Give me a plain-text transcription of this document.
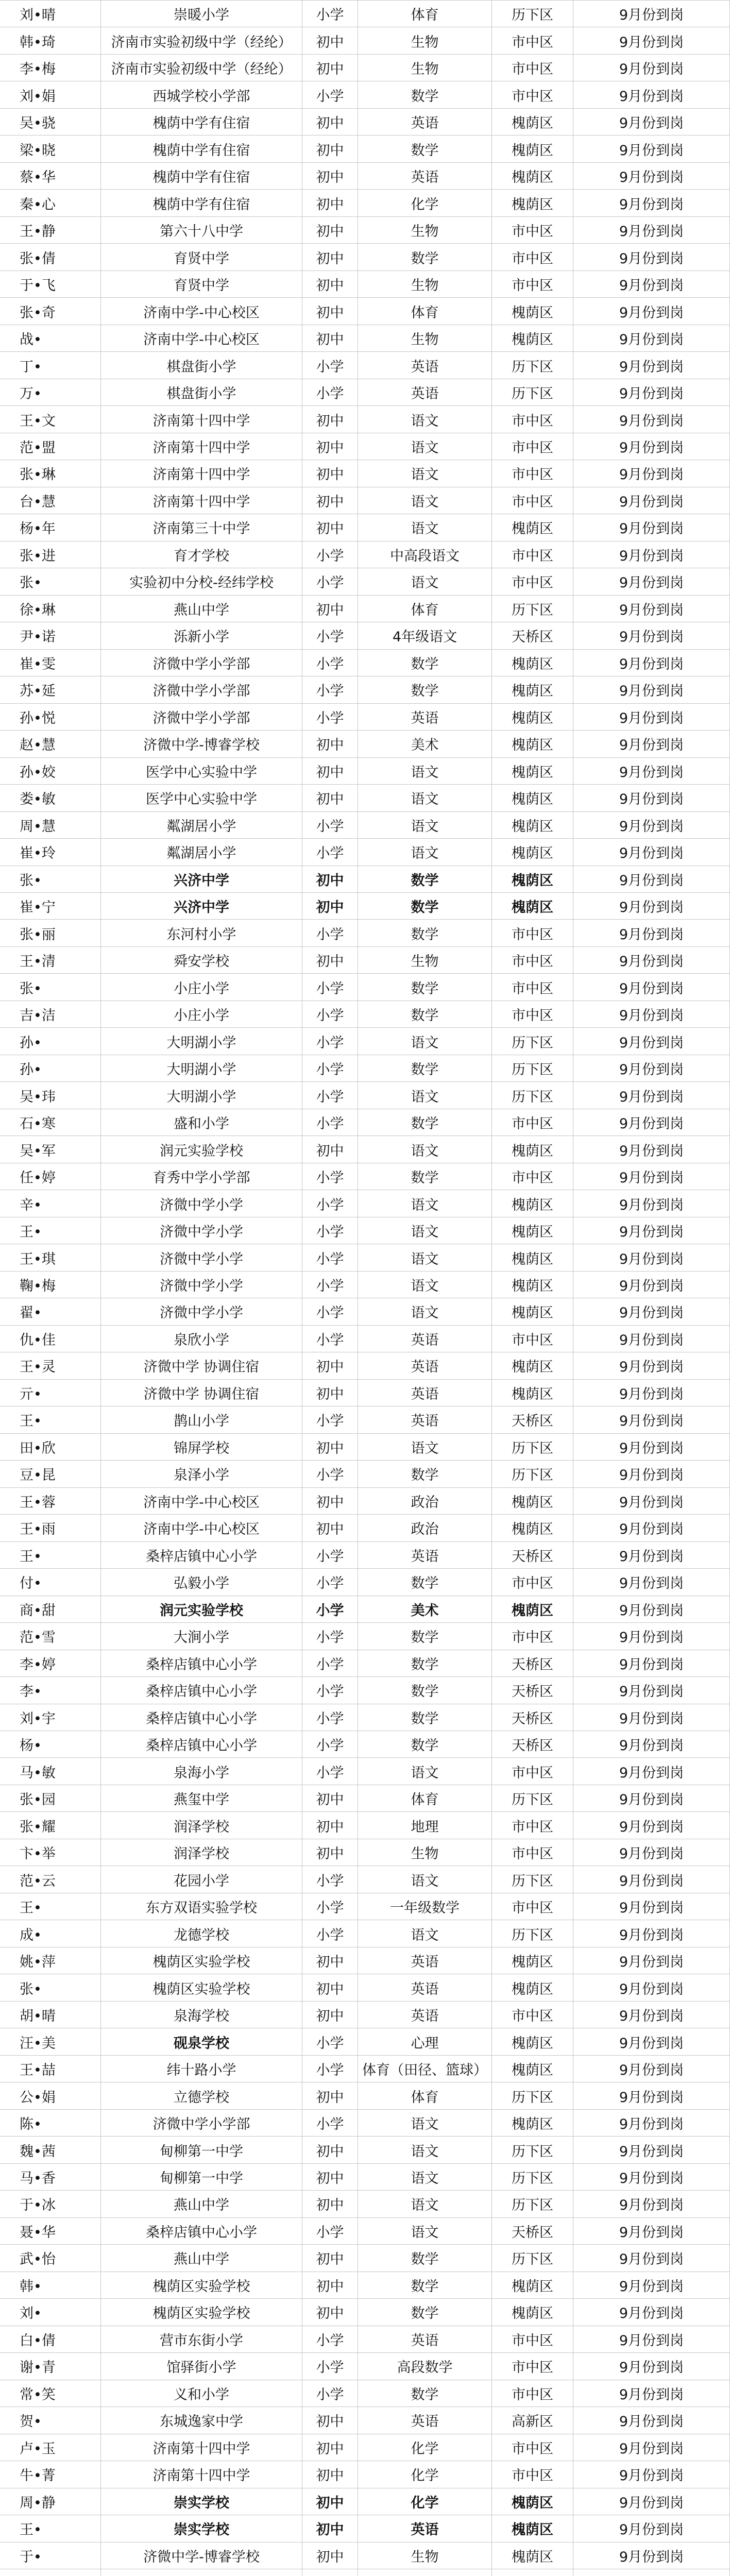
刘•晴	崇暖小学	小学	体育	历下区	9月份到岗
韩•琦	济南市实验初级中学（经纶）	初中	生物	市中区	9月份到岗
李•梅	济南市实验初级中学（经纶）	初中	生物	市中区	9月份到岗
刘•娟	西城学校小学部	小学	数学	市中区	9月份到岗
吴•骁	槐荫中学有住宿	初中	英语	槐荫区	9月份到岗
梁•晓	槐荫中学有住宿	初中	数学	槐荫区	9月份到岗
蔡•华	槐荫中学有住宿	初中	英语	槐荫区	9月份到岗
秦•心	槐荫中学有住宿	初中	化学	槐荫区	9月份到岗
王•静	第六十八中学	初中	生物	市中区	9月份到岗
张•倩	育贤中学	初中	数学	市中区	9月份到岗
于•飞	育贤中学	初中	生物	市中区	9月份到岗
张•奇	济南中学-中心校区	初中	体育	槐荫区	9月份到岗
战•	济南中学-中心校区	初中	生物	槐荫区	9月份到岗
丁•	棋盘街小学	小学	英语	历下区	9月份到岗
万•	棋盘街小学	小学	英语	历下区	9月份到岗
王•文	济南第十四中学	初中	语文	市中区	9月份到岗
范•盟	济南第十四中学	初中	语文	市中区	9月份到岗
张•琳	济南第十四中学	初中	语文	市中区	9月份到岗
台•慧	济南第十四中学	初中	语文	市中区	9月份到岗
杨•年	济南第三十中学	初中	语文	槐荫区	9月份到岗
张•进	育才学校	小学	中高段语文	市中区	9月份到岗
张•	实验初中分校-经纬学校	小学	语文	市中区	9月份到岗
徐•琳	燕山中学	初中	体育	历下区	9月份到岗
尹•诺	泺新小学	小学	4年级语文	天桥区	9月份到岗
崔•雯	济微中学小学部	小学	数学	槐荫区	9月份到岗
苏•延	济微中学小学部	小学	数学	槐荫区	9月份到岗
孙•悦	济微中学小学部	小学	英语	槐荫区	9月份到岗
赵•慧	济微中学-博睿学校	初中	美术	槐荫区	9月份到岗
孙•姣	医学中心实验中学	初中	语文	槐荫区	9月份到岗
娄•敏	医学中心实验中学	初中	语文	槐荫区	9月份到岗
周•慧	粼湖居小学	小学	语文	槐荫区	9月份到岗
崔•玲	粼湖居小学	小学	语文	槐荫区	9月份到岗
张•	兴济中学	初中	数学	槐荫区	9月份到岗
崔•宁	兴济中学	初中	数学	槐荫区	9月份到岗
张•丽	东河村小学	小学	数学	市中区	9月份到岗
王•清	舜安学校	初中	生物	市中区	9月份到岗
张•	小庄小学	小学	数学	市中区	9月份到岗
吉•洁	小庄小学	小学	数学	市中区	9月份到岗
孙•	大明湖小学	小学	语文	历下区	9月份到岗
孙•	大明湖小学	小学	数学	历下区	9月份到岗
吴•玮	大明湖小学	小学	语文	历下区	9月份到岗
石•寒	盛和小学	小学	数学	市中区	9月份到岗
吴•军	润元实验学校	初中	语文	槐荫区	9月份到岗
任•婷	育秀中学小学部	小学	数学	市中区	9月份到岗
辛•	济微中学小学	小学	语文	槐荫区	9月份到岗
王•	济微中学小学	小学	语文	槐荫区	9月份到岗
王•琪	济微中学小学	小学	语文	槐荫区	9月份到岗
鞠•梅	济微中学小学	小学	语文	槐荫区	9月份到岗
翟•	济微中学小学	小学	语文	槐荫区	9月份到岗
仇•佳	泉欣小学	小学	英语	市中区	9月份到岗
王•灵	济微中学 协调住宿	初中	英语	槐荫区	9月份到岗
亓•	济微中学 协调住宿	初中	英语	槐荫区	9月份到岗
王•	鹊山小学	小学	英语	天桥区	9月份到岗
田•欣	锦屏学校	初中	语文	历下区	9月份到岗
豆•昆	泉泽小学	小学	数学	历下区	9月份到岗
王•蓉	济南中学-中心校区	初中	政治	槐荫区	9月份到岗
王•雨	济南中学-中心校区	初中	政治	槐荫区	9月份到岗
王•	桑梓店镇中心小学	小学	英语	天桥区	9月份到岗
付•	弘毅小学	小学	数学	市中区	9月份到岗
商•甜	润元实验学校	小学	美术	槐荫区	9月份到岗
范•雪	大涧小学	小学	数学	市中区	9月份到岗
李•婷	桑梓店镇中心小学	小学	数学	天桥区	9月份到岗
李•	桑梓店镇中心小学	小学	数学	天桥区	9月份到岗
刘•宇	桑梓店镇中心小学	小学	数学	天桥区	9月份到岗
杨•	桑梓店镇中心小学	小学	数学	天桥区	9月份到岗
马•敏	泉海小学	小学	语文	市中区	9月份到岗
张•园	燕玺中学	初中	体育	历下区	9月份到岗
张•耀	润泽学校	初中	地理	市中区	9月份到岗
卞•举	润泽学校	初中	生物	市中区	9月份到岗
范•云	花园小学	小学	语文	历下区	9月份到岗
王•	东方双语实验学校	小学	一年级数学	市中区	9月份到岗
成•	龙德学校	小学	语文	历下区	9月份到岗
姚•萍	槐荫区实验学校	初中	英语	槐荫区	9月份到岗
张•	槐荫区实验学校	初中	英语	槐荫区	9月份到岗
胡•晴	泉海学校	初中	英语	市中区	9月份到岗
汪•美	砚泉学校	小学	心理	槐荫区	9月份到岗
王•喆	纬十路小学	小学	体育（田径、篮球）	槐荫区	9月份到岗
公•娟	立德学校	初中	体育	历下区	9月份到岗
陈•	济微中学小学部	小学	语文	槐荫区	9月份到岗
魏•茜	甸柳第一中学	初中	语文	历下区	9月份到岗
马•香	甸柳第一中学	初中	语文	历下区	9月份到岗
于•冰	燕山中学	初中	语文	历下区	9月份到岗
聂•华	桑梓店镇中心小学	小学	语文	天桥区	9月份到岗
武•怡	燕山中学	初中	数学	历下区	9月份到岗
韩•	槐荫区实验学校	初中	数学	槐荫区	9月份到岗
刘•	槐荫区实验学校	初中	数学	槐荫区	9月份到岗
白•倩	营市东街小学	小学	英语	市中区	9月份到岗
谢•青	馆驿街小学	小学	高段数学	市中区	9月份到岗
常•笑	义和小学	小学	数学	市中区	9月份到岗
贺•	东城逸家中学	初中	英语	高新区	9月份到岗
卢•玉	济南第十四中学	初中	化学	市中区	9月份到岗
牛•菁	济南第十四中学	初中	化学	市中区	9月份到岗
周•静	崇实学校	初中	化学	槐荫区	9月份到岗
王•	崇实学校	初中	英语	槐荫区	9月份到岗
于•	济微中学-博睿学校	初中	生物	槐荫区	9月份到岗
